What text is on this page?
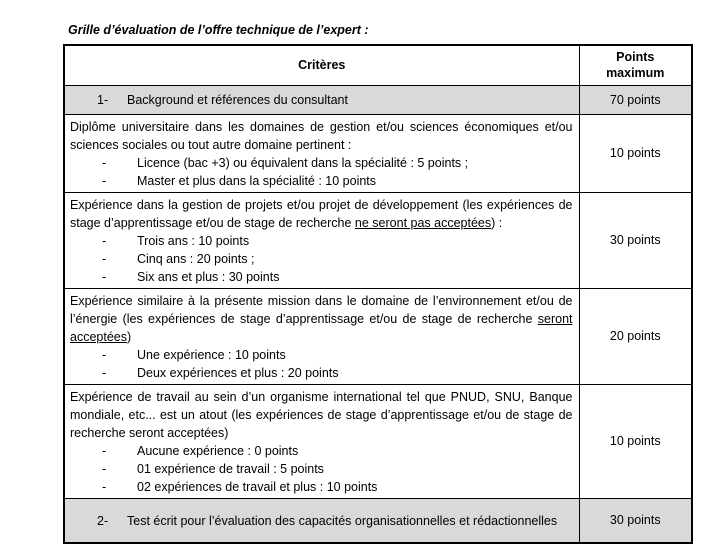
Grille d’évaluation de l’offre technique de l’expert :
Critères	Points
maximum

1- Background et références du consultant	70 points

Diplôme universitaire dans les domaines de gestion et/ou sciences économiques et/ou sciences sociales ou tout autre domaine pertinent :
- Licence (bac +3) ou équivalent dans la spécialité : 5 points ;
- Master et plus dans la spécialité : 10 points	10 points

Expérience dans la gestion de projets et/ou projet de développement (les expériences de stage d’apprentissage et/ou de stage de recherche ne seront pas acceptées) :
-	Trois ans : 10 points
-	Cinq ans : 20 points ;
-	Six ans et plus : 30 points
	30 points

Expérience similaire à la présente mission dans le domaine de l’environnement et/ou de l’énergie (les expériences de stage d’apprentissage et/ou de stage de recherche seront acceptées)
- Une expérience : 10 points
- Deux expériences et plus : 20 points	20 points

Expérience de travail au sein d’un organisme international tel que PNUD, SNU, Banque mondiale, etc... est un atout (les expériences de stage d’apprentissage et/ou de stage de recherche seront acceptées)
-	Aucune expérience : 0 points
-	01 expérience de travail : 5 points
-	02 expériences de travail et plus : 10 points
	10 points

2- Test écrit pour l’évaluation des capacités organisationnelles et rédactionnelles	30 points
